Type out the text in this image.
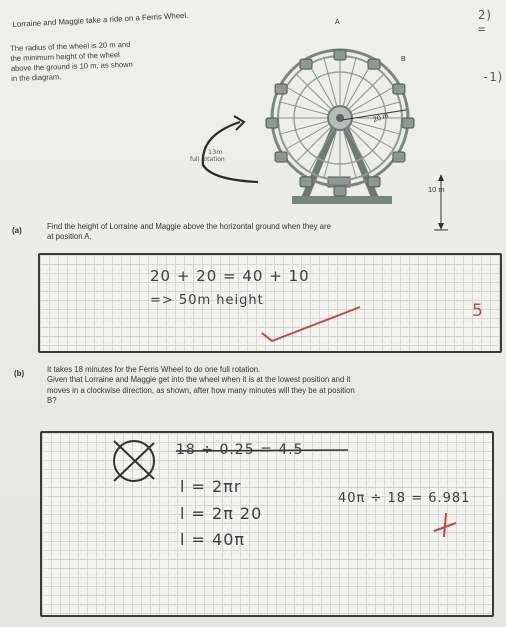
Lorraine and Maggie take a ride on a Ferris Wheel.
The radius of the wheel is 20 m and
the minimum height of the wheel
above the ground is 10 m, as shown
in the diagram.
A
B
20 m
10 m
13m
full rotation
(a)	Find the height of Lorraine and Maggie above the horizontal ground when they are
at position A.
20 + 20 = 40 + 10
=> 50m height
5
(b)	It takes 18 minutes for the Ferris Wheel to do one full rotation.
Given that Lorraine and Maggie get into the wheel when it is at the lowest position and it
moves in a clockwise direction, as shown, after how many minutes will they be at position
B?
18 ÷ 0.25 = 4.5
l = 2πr
l = 2π 20
l = 40π
40π ÷ 18 = 6.981
2) =
-1)
